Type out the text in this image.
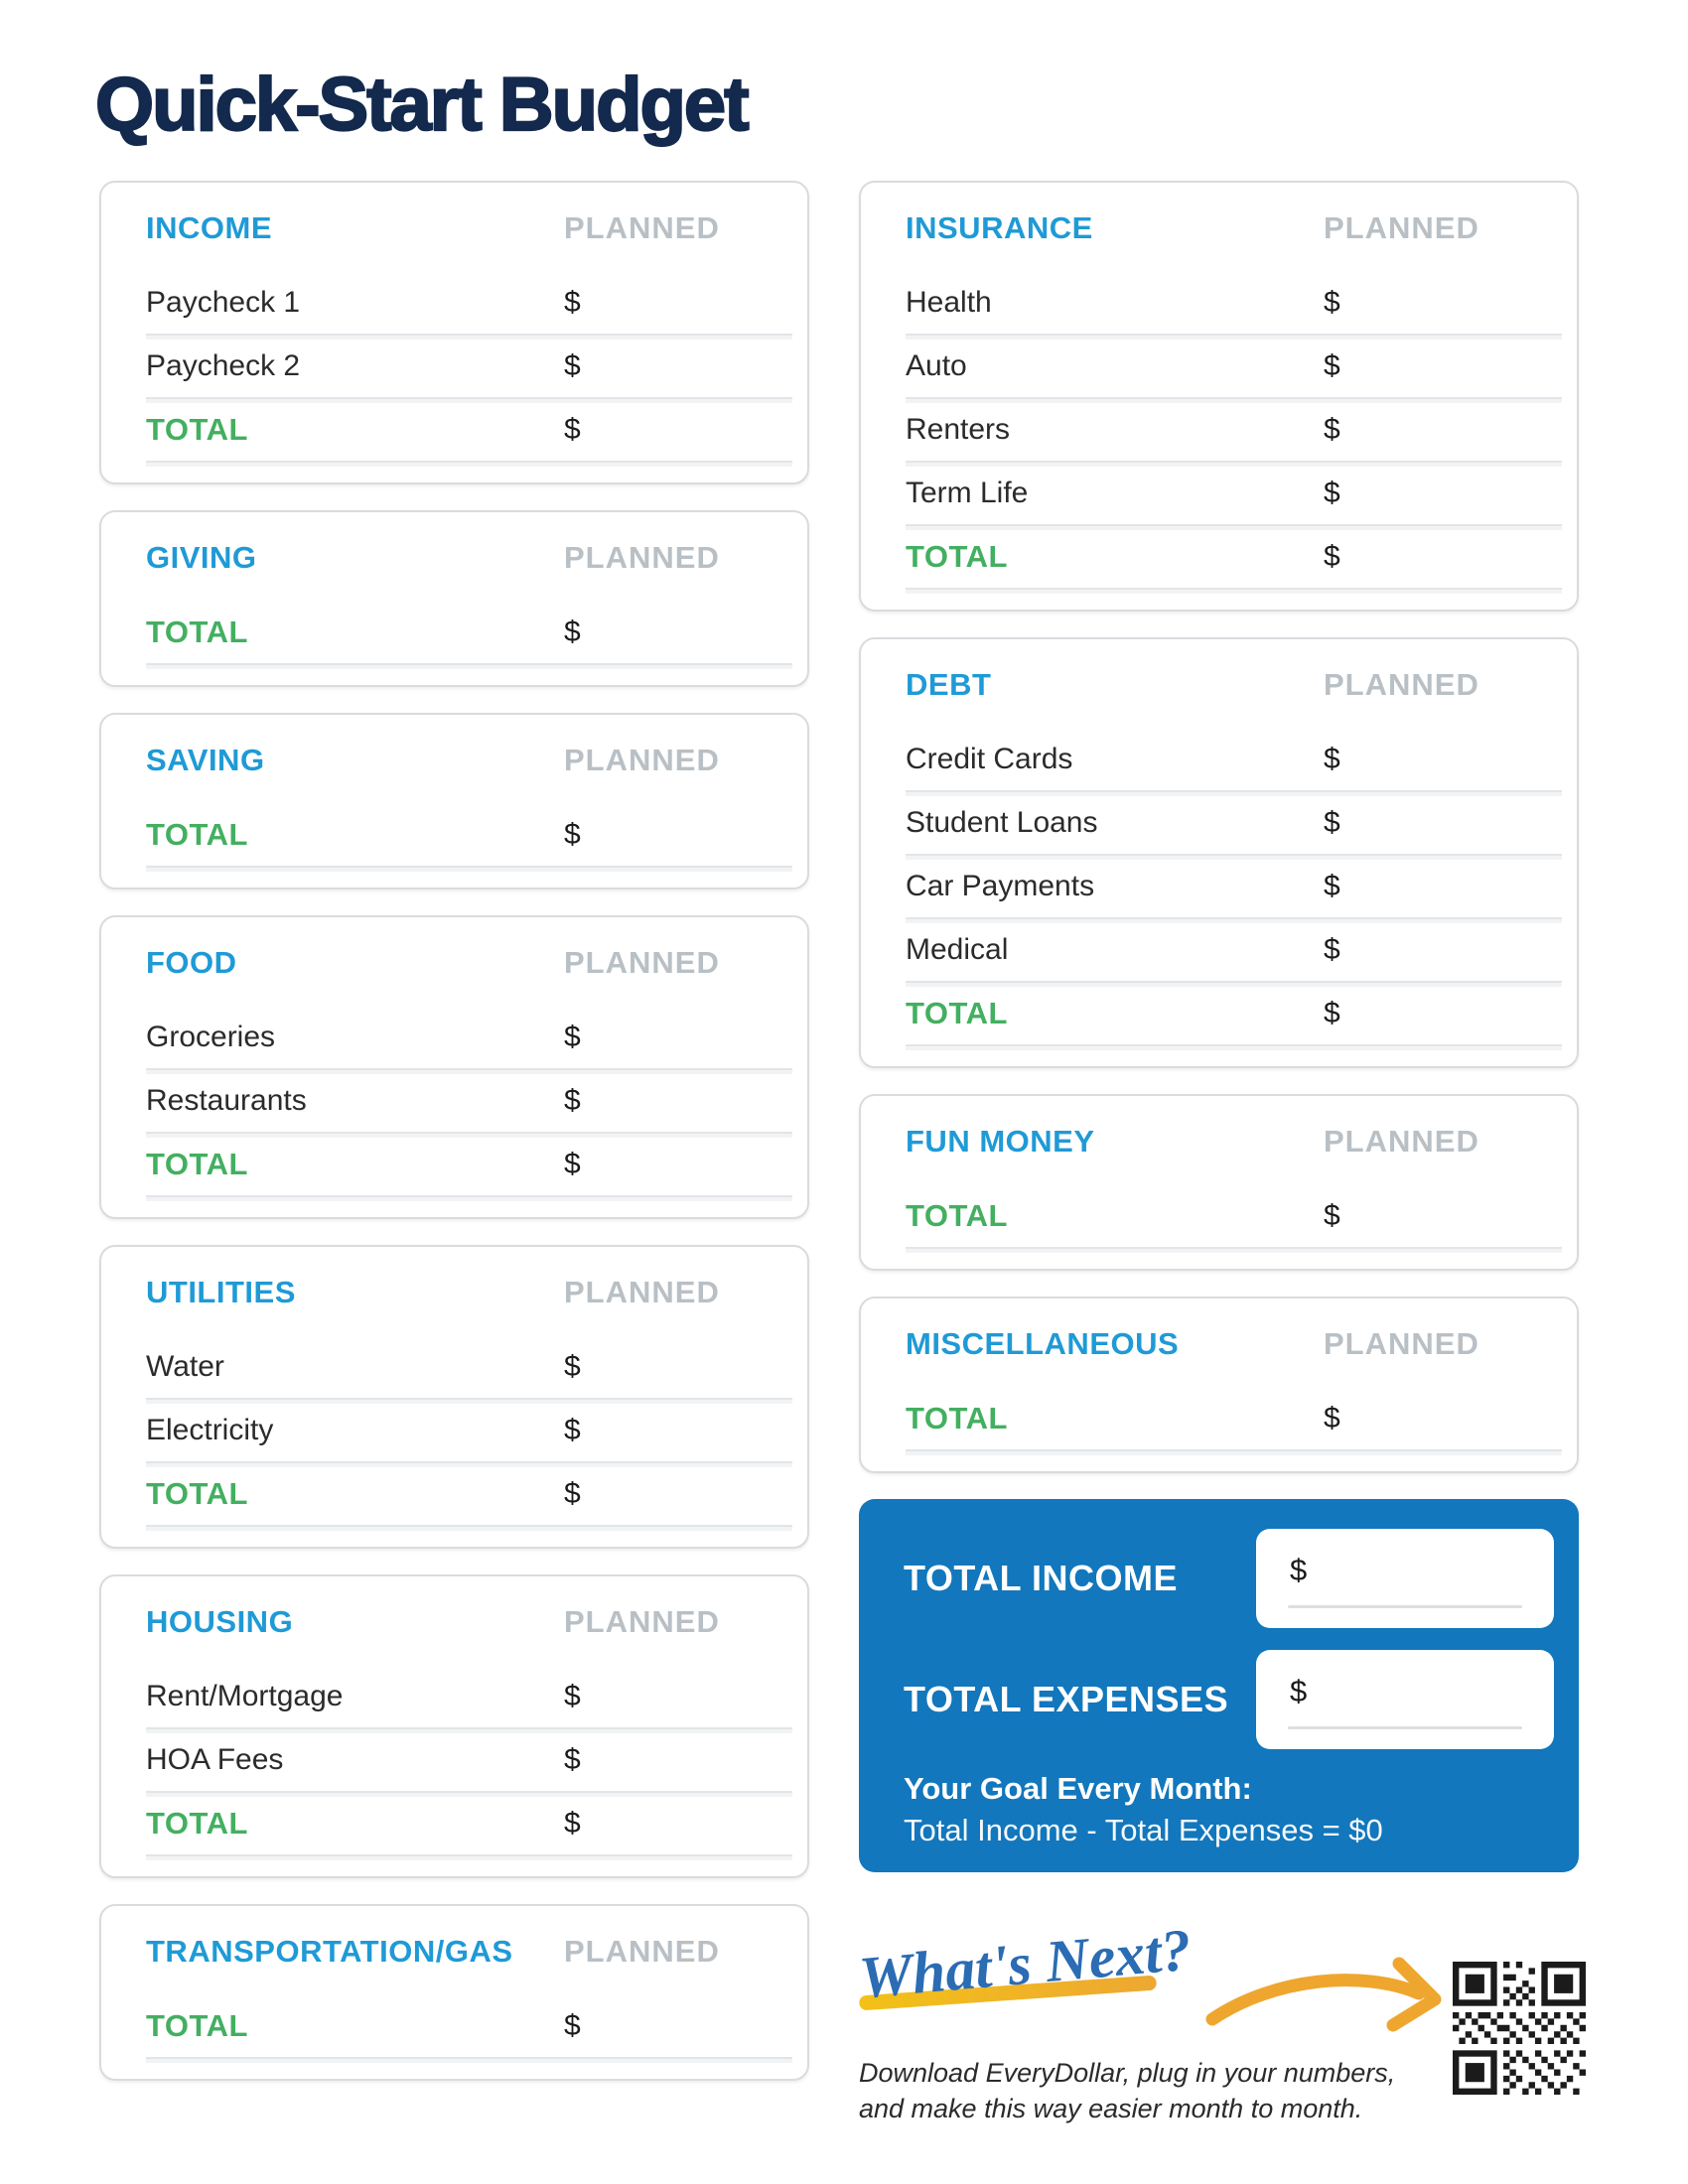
Quick-Start Budget
INCOME	PLANNED
Paycheck 1	$
Paycheck 2	$
TOTAL	$
GIVING	PLANNED
TOTAL	$
SAVING	PLANNED
TOTAL	$
FOOD	PLANNED
Groceries	$
Restaurants	$
TOTAL	$
UTILITIES	PLANNED
Water	$
Electricity	$
TOTAL	$
HOUSING	PLANNED
Rent/Mortgage	$
HOA Fees	$
TOTAL	$
TRANSPORTATION/GAS	PLANNED
TOTAL	$
INSURANCE	PLANNED
Health	$
Auto	$
Renters	$
Term Life	$
TOTAL	$
DEBT	PLANNED
Credit Cards	$
Student Loans	$
Car Payments	$
Medical	$
TOTAL	$
FUN MONEY	PLANNED
TOTAL	$
MISCELLANEOUS	PLANNED
TOTAL	$
TOTAL INCOME	$
TOTAL EXPENSES	$
Your Goal Every Month:
Total Income - Total Expenses = $0
What's Next?
Download EveryDollar, plug in your numbers,
and make this way easier month to month.
